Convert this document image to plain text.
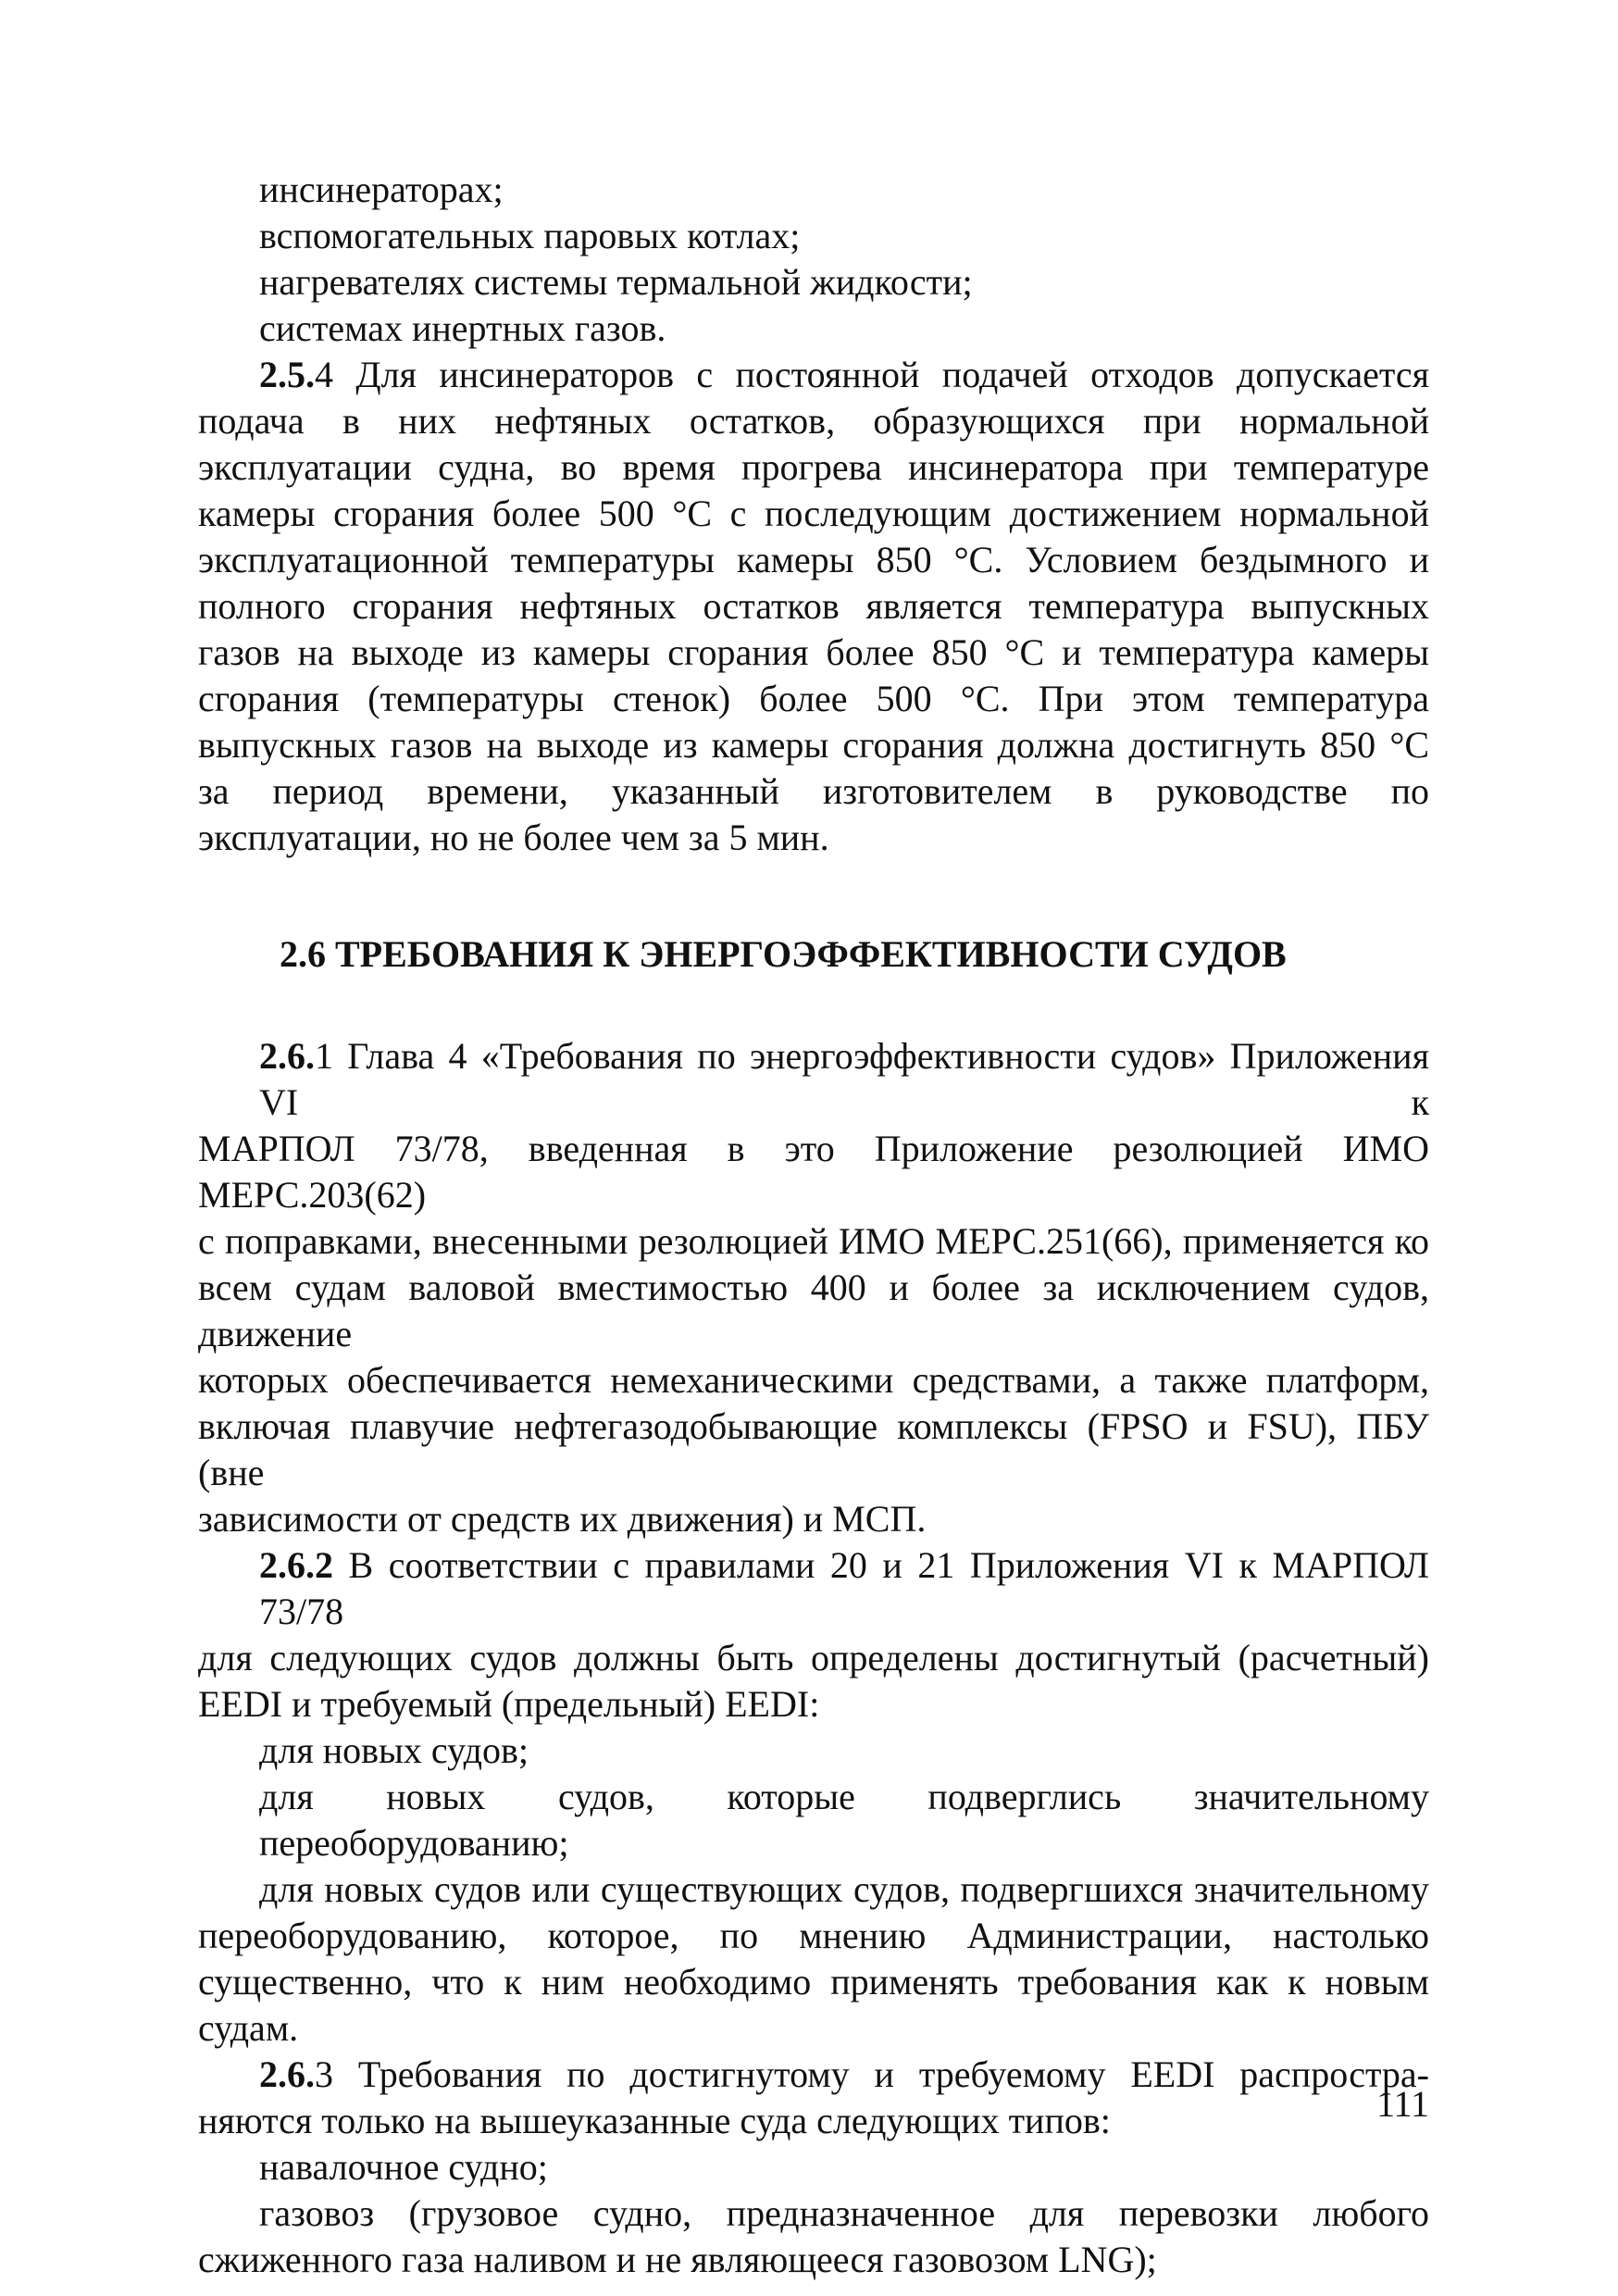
инсинераторах;
вспомогательных паровых котлах;
нагревателях системы термальной жидкости;
системах инертных газов.
2.5.4 Для инсинераторов с постоянной подачей отходов допускается
подача в них нефтяных остатков, образующихся при нормальной
эксплуатации судна, во время прогрева инсинератора при температуре
камеры сгорания более 500 °С с последующим достижением нормальной
эксплуатационной температуры камеры 850 °С. Условием бездымного и
полного сгорания нефтяных остатков является температура выпускных
газов на выходе из камеры сгорания более 850 °С и температура камеры
сгорания (температуры стенок) более 500 °С. При этом температура
выпускных газов на выходе из камеры сгорания должна достигнуть 850 °С
за период времени, указанный изготовителем в руководстве по
эксплуатации, но не более чем за 5 мин.
2.6 ТРЕБОВАНИЯ К ЭНЕРГОЭФФЕКТИВНОСТИ СУДОВ
2.6.1 Глава 4 «Требования по энергоэффективности судов» Приложения VI к
МАРПОЛ 73/78, введенная в это Приложение резолюцией ИМО МЕРС.203(62)
с поправками, внесенными резолюцией ИМО МЕРС.251(66), применяется ко
всем судам валовой вместимостью 400 и более за исключением судов, движение
которых обеспечивается немеханическими средствами, а также платформ,
включая плавучие нефтегазодобывающие комплексы (FPSO и FSU), ПБУ (вне
зависимости от средств их движения) и МСП.
2.6.2 В соответствии с правилами 20 и 21 Приложения VI к МАРПОЛ 73/78
для следующих судов должны быть определены достигнутый (расчетный)
EEDI и требуемый (предельный) EEDI:
для новых судов;
для новых судов, которые подверглись значительному переоборудованию;
для новых судов или существующих судов, подвергшихся значительному
переоборудованию, которое, по мнению Администрации, настолько
существенно, что к ним необходимо применять требования как к новым судам.
2.6.3 Требования по достигнутому и требуемому EEDI распростра-
няются только на вышеуказанные суда следующих типов:
навалочное судно;
газовоз (грузовое судно, предназначенное для перевозки любого
сжиженного газа наливом и не являющееся газовозом LNG);
111
